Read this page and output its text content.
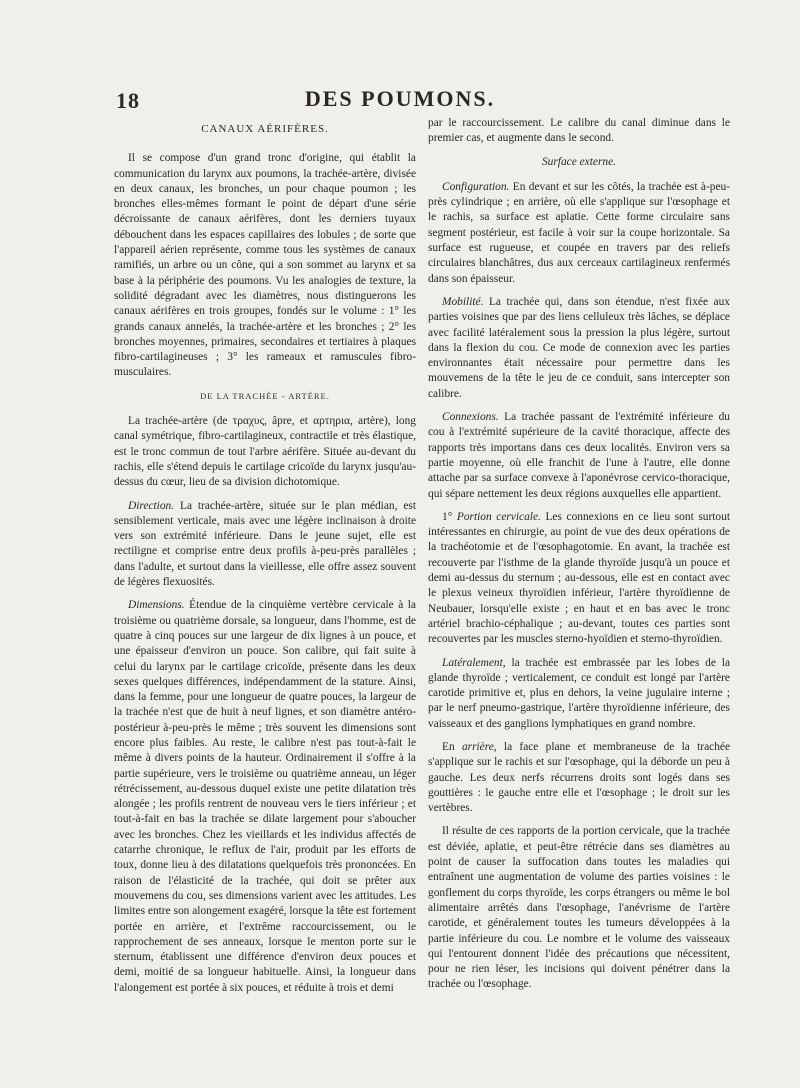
18	DES POUMONS.
CANAUX AÉRIFÈRES.

Il se compose d'un grand tronc d'origine, qui établit la communication du larynx aux poumons, la trachée-artère, divisée en deux canaux, les bronches, un pour chaque poumon ; les bronches elles-mêmes formant le point de départ d'une série décroissante de canaux aérifères, dont les derniers tuyaux débouchent dans les espaces capillaires des lobules ; de sorte que l'appareil aérien représente, comme tous les systèmes de canaux ramifiés, un arbre ou un cône, qui a son sommet au larynx et sa base à la périphérie des poumons. Vu les analogies de texture, la solidité dégradant avec les diamètres, nous distinguerons les canaux aérifères en trois groupes, fondés sur le volume : 1° les grands canaux annelés, la trachée-artère et les bronches ; 2° les bronches moyennes, primaires, secondaires et tertiaires à plaques fibro-cartilagineuses ; 3° les rameaux et ramuscules fibro-musculaires.

DE LA TRACHÉE - ARTÈRE.

La trachée-artère (de τραχυς, âpre, et αρτηρια, artère), long canal symétrique, fibro-cartilagineux, contractile et très élastique, est le tronc commun de tout l'arbre aérifère. Située au-devant du rachis, elle s'étend depuis le cartilage cricoïde du larynx jusqu'au-dessus du cœur, lieu de sa division dichotomique.

Direction. La trachée-artère, située sur le plan médian, est sensiblement verticale, mais avec une légère inclinaison à droite vers son extrémité inférieure. Dans le jeune sujet, elle est rectiligne et comprise entre deux profils à-peu-près parallèles ; dans l'adulte, et surtout dans la vieillesse, elle offre assez souvent de légères flexuosités.

Dimensions. Étendue de la cinquième vertèbre cervicale à la troisième ou quatrième dorsale, sa longueur, dans l'homme, est de quatre à cinq pouces sur une largeur de dix lignes à un pouce, et une épaisseur d'environ un pouce. Son calibre, qui fait suite à celui du larynx par le cartilage cricoïde, présente dans les deux sexes quelques différences, indépendamment de la stature. Ainsi, dans la femme, pour une longueur de quatre pouces, la largeur de la trachée n'est que de huit à neuf lignes, et son diamètre antéro-postérieur à-peu-près le même ; très souvent les dimensions sont encore plus faibles. Au reste, le calibre n'est pas tout-à-fait le même à divers points de la hauteur. Ordinairement il s'offre à la partie supérieure, vers le troisième ou quatrième anneau, un léger rétrécissement, au-dessous duquel existe une petite dilatation très alongée ; les profils rentrent de nouveau vers le tiers inférieur ; et tout-à-fait en bas la trachée se dilate largement pour s'aboucher avec les bronches. Chez les vieillards et les individus affectés de catarrhe chronique, le reflux de l'air, produit par les efforts de toux, donne lieu à des dilatations quelquefois très prononcées. En raison de l'élasticité de la trachée, qui doit se prêter aux mouvemens du cou, ses dimensions varient avec les attitudes. Les limites entre son alongement exagéré, lorsque la tête est fortement portée en arrière, et l'extrême raccourcissement, ou le rapprochement de ses anneaux, lorsque le menton porte sur le sternum, établissent une différence d'environ deux pouces et demi, moitié de sa longueur habituelle. Ainsi, la longueur dans l'alongement est portée à six pouces, et réduite à trois et demi

par le raccourcissement. Le calibre du canal diminue dans le premier cas, et augmente dans le second.

Surface externe.

Configuration. En devant et sur les côtés, la trachée est à-peu-près cylindrique ; en arrière, où elle s'applique sur l'œsophage et le rachis, sa surface est aplatie. Cette forme circulaire sans segment postérieur, est facile à voir sur la coupe horizontale. Sa surface est rugueuse, et coupée en travers par des reliefs circulaires blanchâtres, dus aux cerceaux cartilagineux renfermés dans son épaisseur.

Mobilité. La trachée qui, dans son étendue, n'est fixée aux parties voisines que par des liens celluleux très lâches, se déplace avec facilité latéralement sous la pression la plus légère, surtout dans la flexion du cou. Ce mode de connexion avec les parties environnantes était nécessaire pour permettre dans les mouvemens de la tête le jeu de ce conduit, sans intercepter son calibre.

Connexions. La trachée passant de l'extrémité inférieure du cou à l'extrémité supérieure de la cavité thoracique, affecte des rapports très importans dans ces deux localités. Environ vers sa partie moyenne, où elle franchit de l'une à l'autre, elle donne attache par sa surface convexe à l'aponévrose cervico-thoracique, qui sépare nettement les deux régions auxquelles elle appartient.

1° Portion cervicale. Les connexions en ce lieu sont surtout intéressantes en chirurgie, au point de vue des deux opérations de la trachéotomie et de l'œsophagotomie. En avant, la trachée est recouverte par l'isthme de la glande thyroïde jusqu'à un pouce et demi au-dessus du sternum ; au-dessous, elle est en contact avec le plexus veineux thyroïdien inférieur, l'artère thyroïdienne de Neubauer, lorsqu'elle existe ; en haut et en bas avec le tronc artériel brachio-céphalique ; au-devant, toutes ces parties sont recouvertes par les muscles sterno-hyoïdien et sterno-thyroïdien.

Latéralement, la trachée est embrassée par les lobes de la glande thyroïde ; verticalement, ce conduit est longé par l'artère carotide primitive et, plus en dehors, la veine jugulaire interne ; par le nerf pneumo-gastrique, l'artère thyroïdienne inférieure, des vaisseaux et des ganglions lymphatiques en grand nombre.

En arrière, la face plane et membraneuse de la trachée s'applique sur le rachis et sur l'œsophage, qui la déborde un peu à gauche. Les deux nerfs récurrens droits sont logés dans ses gouttières : le gauche entre elle et l'œsophage ; le droit sur les vertèbres.

Il résulte de ces rapports de la portion cervicale, que la trachée est déviée, aplatie, et peut-être rétrécie dans ses diamètres au point de causer la suffocation dans toutes les maladies qui entraînent une augmentation de volume des parties voisines : le gonflement du corps thyroïde, les corps étrangers ou même le bol alimentaire arrêtés dans l'œsophage, l'anévrisme de l'artère carotide, et généralement toutes les tumeurs développées à la partie inférieure du cou. Le nombre et le volume des vaisseaux qui l'entourent donnent l'idée des précautions que nécessitent, pour ne rien léser, les incisions qui doivent pénétrer dans la trachée ou l'œsophage.
